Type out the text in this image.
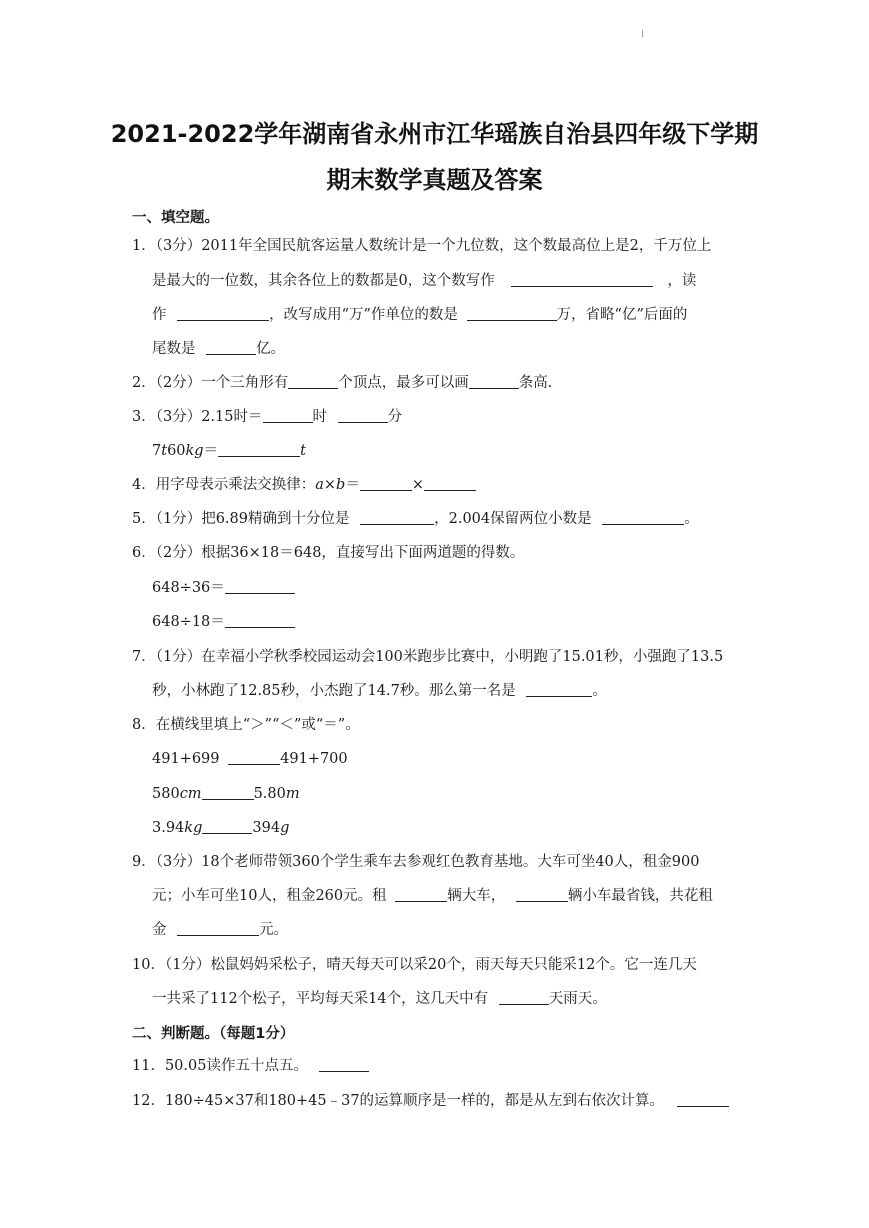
2021-2022学年湖南省永州市江华瑶族自治县四年级下学期
期末数学真题及答案
一、填空题。
1．（3分）2011年全国民航客运量人数统计是一个九位数，这个数最高位上是2，千万位上
是最大的一位数，其余各位上的数都是0，这个数写作	，读
作	，改写成用“万”作单位的数是	万，省略“亿”后面的
尾数是	亿。
2．（2分）一个三角形有	个顶点，最多可以画	条高.
3．（3分）2.15时＝	时	分
7t60kg＝	t
4．用字母表示乘法交换律：a×b＝	×
5．（1分）把6.89精确到十分位是	，2.004保留两位小数是	。
6．（2分）根据36×18＝648，直接写出下面两道题的得数。
648÷36＝
648÷18＝
7．（1分）在幸福小学秋季校园运动会100米跑步比赛中，小明跑了15.01秒，小强跑了13.5
秒，小林跑了12.85秒，小杰跑了14.7秒。那么第一名是	。
8．在横线里填上“＞”“＜”或“＝”。
491+699	491+700
580cm	5.80m
3.94kg	394g
9．（3分）18个老师带领360个学生乘车去参观红色教育基地。大车可坐40人，租金900
元；小车可坐10人，租金260元。租	辆大车，	辆小车最省钱，共花租
金	元。
10．（1分）松鼠妈妈采松子，晴天每天可以采20个，雨天每天只能采12个。它一连几天
一共采了112个松子，平均每天采14个，这几天中有	天雨天。
二、判断题。（每题1分）
11．50.05读作五十点五。
12．180÷45×37和180+45﹣37的运算顺序是一样的，都是从左到右依次计算。
